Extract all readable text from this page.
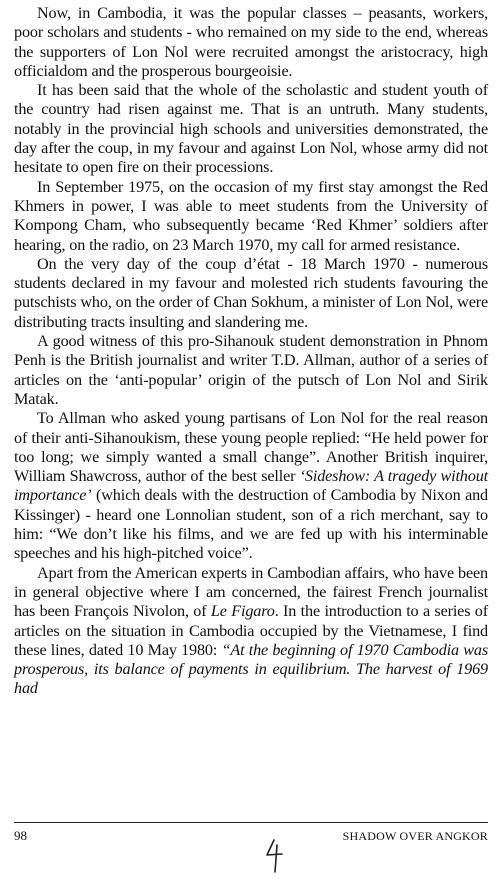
Now, in Cambodia, it was the popular classes – peasants, workers, poor scholars and students - who remained on my side to the end, whereas the supporters of Lon Nol were recruited amongst the aristocracy, high officialdom and the prosperous bourgeoisie.

It has been said that the whole of the scholastic and student youth of the country had risen against me. That is an untruth. Many students, notably in the provincial high schools and universities demonstrated, the day after the coup, in my favour and against Lon Nol, whose army did not hesitate to open fire on their processions.

In September 1975, on the occasion of my first stay amongst the Red Khmers in power, I was able to meet students from the University of Kompong Cham, who subsequently became ‘Red Khmer’ soldiers after hearing, on the radio, on 23 March 1970, my call for armed resistance.

On the very day of the coup d’état - 18 March 1970 - numerous students declared in my favour and molested rich students favouring the putschists who, on the order of Chan Sokhum, a minister of Lon Nol, were distributing tracts insulting and slandering me.

A good witness of this pro-Sihanouk student demonstration in Phnom Penh is the British journalist and writer T.D. Allman, author of a series of articles on the ‘anti-popular’ origin of the putsch of Lon Nol and Sirik Matak.

To Allman who asked young partisans of Lon Nol for the real reason of their anti-Sihanoukism, these young people replied: “He held power for too long; we simply wanted a small change”. Another British inquirer, William Shawcross, author of the best seller ‘Sideshow: A tragedy without importance’ (which deals with the destruction of Cambodia by Nixon and Kissinger) - heard one Lonnolian student, son of a rich merchant, say to him: “We don’t like his films, and we are fed up with his interminable speeches and his high-pitched voice”.

Apart from the American experts in Cambodian affairs, who have been in general objective where I am concerned, the fairest French journalist has been François Nivolon, of Le Figaro. In the introduction to a series of articles on the situation in Cambodia occupied by the Vietnamese, I find these lines, dated 10 May 1980: “At the beginning of 1970 Cambodia was prosperous, its balance of payments in equilibrium. The harvest of 1969 had

98	SHADOW OVER ANGKOR
